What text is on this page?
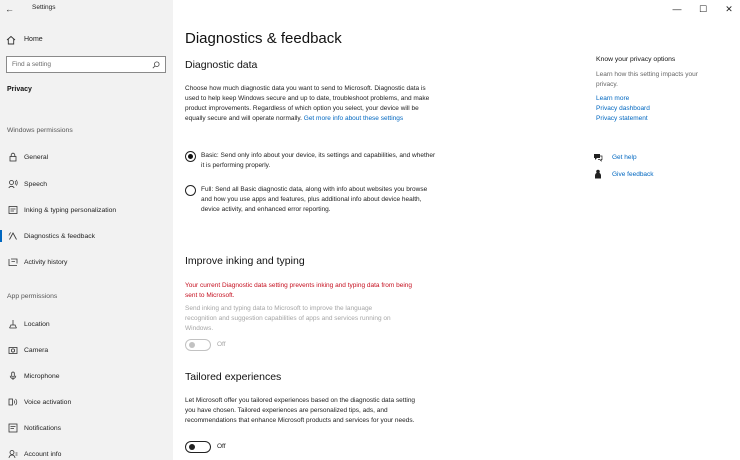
←	Settings
Home
Find a setting
Privacy
Windows permissions
General
Speech
Inking & typing personalization
Diagnostics & feedback
Activity history
App permissions
Location
Camera
Microphone
Voice activation
Notifications
Account info
—	☐	✕
Diagnostics & feedback
Diagnostic data
Choose how much diagnostic data you want to send to Microsoft. Diagnostic data is used to help keep Windows secure and up to date, troubleshoot problems, and make product improvements. Regardless of which option you select, your device will be equally secure and will operate normally. Get more info about these settings
Basic: Send only info about your device, its settings and capabilities, and whether it is performing properly.
Full: Send all Basic diagnostic data, along with info about websites you browse and how you use apps and features, plus additional info about device health, device activity, and enhanced error reporting.
Improve inking and typing
Your current Diagnostic data setting prevents inking and typing data from being sent to Microsoft.
Send inking and typing data to Microsoft to improve the language recognition and suggestion capabilities of apps and services running on Windows.
Off
Tailored experiences
Let Microsoft offer you tailored experiences based on the diagnostic data setting you have chosen. Tailored experiences are personalized tips, ads, and recommendations that enhance Microsoft products and services for your needs.
Off
Know your privacy options
Learn how this setting impacts your privacy.
Learn more
Privacy dashboard
Privacy statement
Get help
Give feedback
